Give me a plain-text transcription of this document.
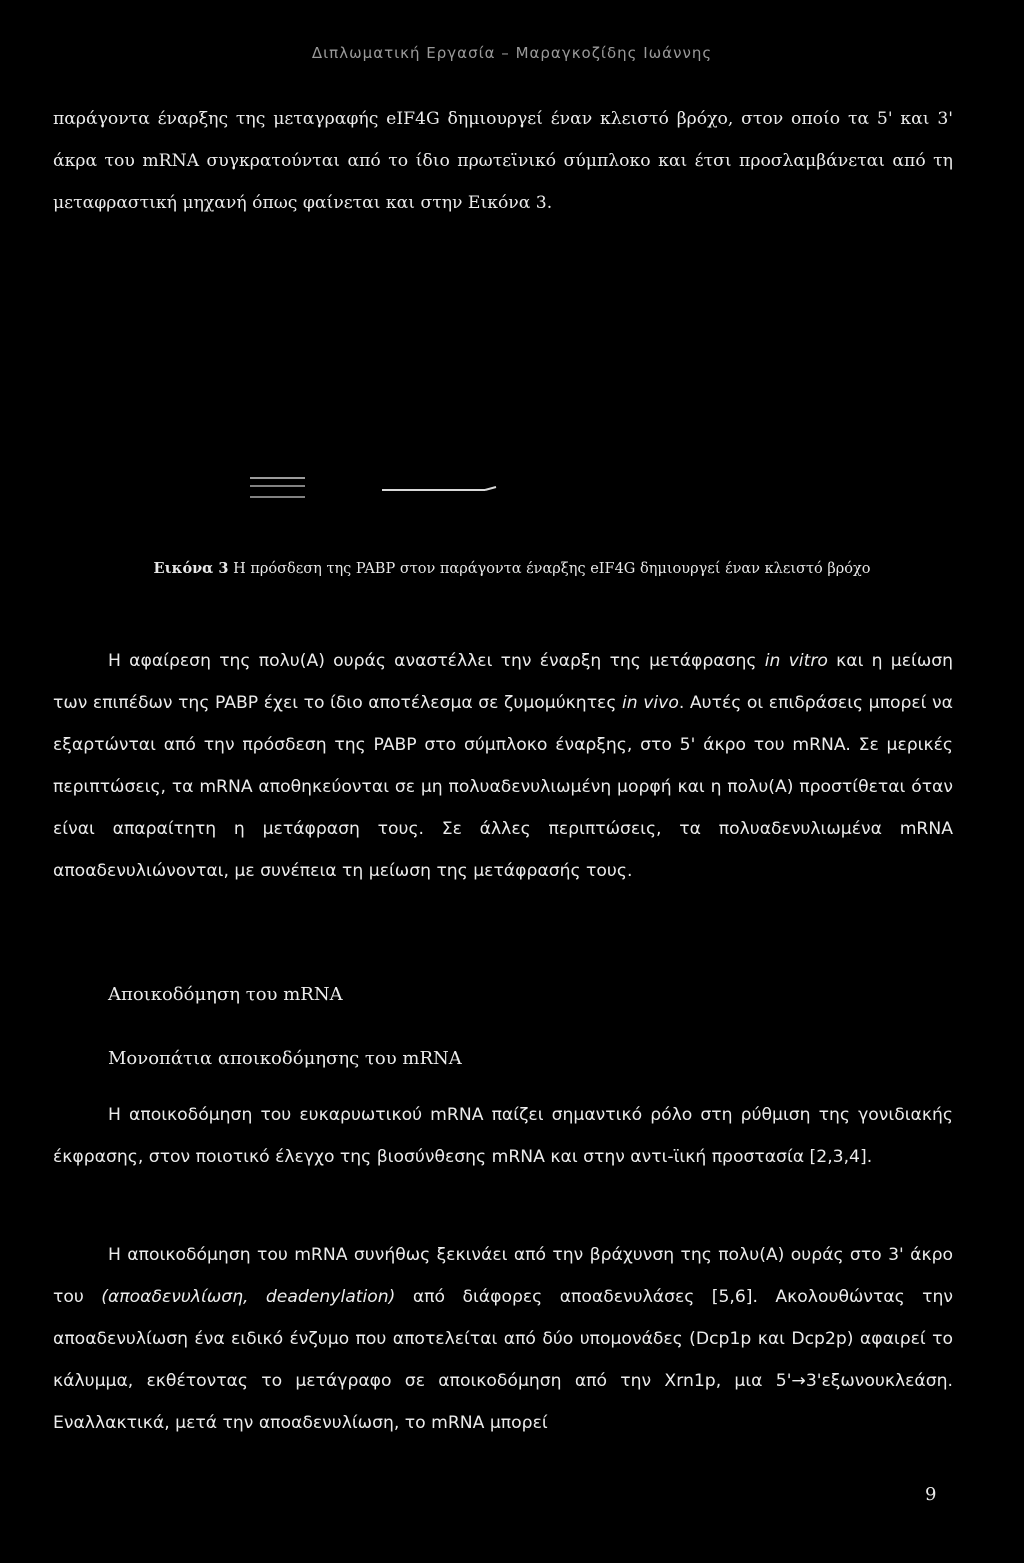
Διπλωματική Εργασία – Μαραγκοζίδης Ιωάννης

παράγοντα έναρξης της μεταγραφής eIF4G δημιουργεί έναν κλειστό βρόχο, στον οποίο τα 5' και 3' άκρα του mRNA συγκρατούνται από το ίδιο πρωτεϊνικό σύμπλοκο και έτσι προσλαμβάνεται από τη μεταφραστική μηχανή όπως φαίνεται και στην Εικόνα 3.

Εικόνα 3 Η πρόσδεση της PABP στον παράγοντα έναρξης eIF4G δημιουργεί έναν κλειστό βρόχο

Η αφαίρεση της πολυ(Α) ουράς αναστέλλει την έναρξη της μετάφρασης in vitro και η μείωση των επιπέδων της PABP έχει το ίδιο αποτέλεσμα σε ζυμομύκητες in vivo. Αυτές οι επιδράσεις μπορεί να εξαρτώνται από την πρόσδεση της PABP στο σύμπλοκο έναρξης, στο 5' άκρο του mRNA. Σε μερικές περιπτώσεις, τα mRNA αποθηκεύονται σε μη πολυαδενυλιωμένη μορφή και η πολυ(Α) προστίθεται όταν είναι απαραίτητη η μετάφραση τους. Σε άλλες περιπτώσεις, τα πολυαδενυλιωμένα mRNA αποαδενυλιώνονται, με συνέπεια τη μείωση της μετάφρασής τους.

Αποικοδόμηση του mRNA
Μονοπάτια αποικοδόμησης του mRNA

Η αποικοδόμηση του ευκαρυωτικού mRNA παίζει σημαντικό ρόλο στη ρύθμιση της γονιδιακής έκφρασης, στον ποιοτικό έλεγχο της βιοσύνθεσης mRNA και στην αντι-ϊική προστασία [2,3,4].

Η αποικοδόμηση του mRNA συνήθως ξεκινάει από την βράχυνση της πολυ(Α) ουράς στο 3' άκρο του (αποαδενυλίωση, deadenylation) από διάφορες αποαδενυλάσες [5,6]. Ακολουθώντας την αποαδενυλίωση ένα ειδικό ένζυμο που αποτελείται από δύο υπομονάδες (Dcp1p και Dcp2p) αφαιρεί το κάλυμμα, εκθέτοντας το μετάγραφο σε αποικοδόμηση από την Xrn1p, μια 5'→3'εξωνουκλεάση. Εναλλακτικά, μετά την αποαδενυλίωση, το mRNA μπορεί

9
